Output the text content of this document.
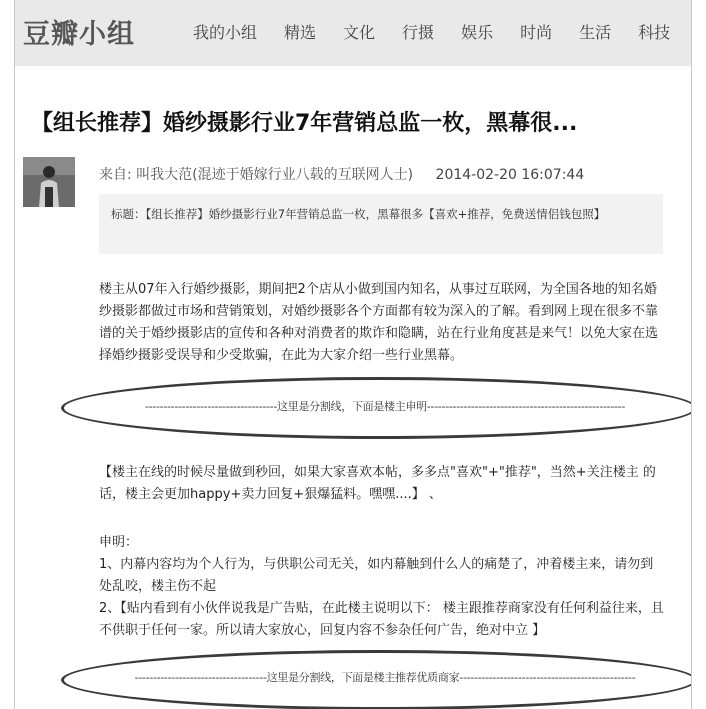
豆瓣小组	我的小组 精选 文化 行摄 娱乐 时尚 生活 科技
【组长推荐】婚纱摄影行业7年营销总监一枚，黑幕很...
来自: 叫我大范(混迹于婚嫁行业八载的互联网人士) 2014-02-20 16:07:44
标题：【组长推荐】婚纱摄影行业7年营销总监一枚，黑幕很多【喜欢+推荐，免费送情侣钱包照】
楼主从07年入行婚纱摄影，期间把2个店从小做到国内知名，从事过互联网，为全国各地的知名婚纱摄影都做过市场和营销策划，对婚纱摄影各个方面都有较为深入的了解。看到网上现在很多不靠谱的关于婚纱摄影店的宣传和各种对消费者的欺诈和隐瞒，站在行业角度甚是来气！以免大家在选择婚纱摄影受误导和少受欺骗，在此为大家介绍一些行业黑幕。
------------------------------------这里是分割线，下面是楼主申明------------------------------------------------------
【楼主在线的时候尽量做到秒回，如果大家喜欢本帖，多多点"喜欢"+"推荐"，当然+关注楼主 的话，楼主会更加happy+卖力回复+狠爆猛料。嘿嘿....】 、
申明：
1、内幕内容均为个人行为，与供职公司无关，如内幕触到什么人的痛楚了，冲着楼主来，请勿到处乱咬，楼主伤不起
2、【贴内看到有小伙伴说我是广告贴，在此楼主说明以下： 楼主跟推荐商家没有任何利益往来，且不供职于任何一家。所以请大家放心，回复内容不参杂任何广告，绝对中立 】
------------------------------------这里是分割线，下面是楼主推荐优质商家------------------------------------------------
